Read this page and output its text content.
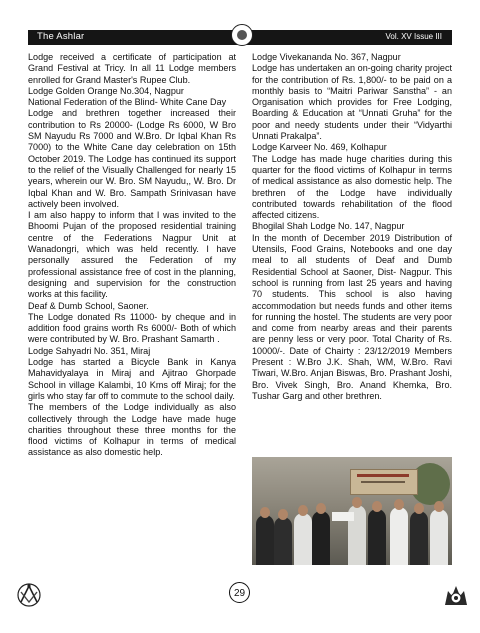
The Ashlar	Vol. XV Issue III

Lodge received a certificate of participation at Grand Festival at Tricy. In all 11 Lodge members enrolled for Grand Master's Rupee Club.

Lodge Golden Orange No.304, Nagpur

National Federation of the Blind- White Cane Day

Lodge and brethren together increased their contribution to Rs 20000- (Lodge Rs 6000, W Bro SM Nayudu Rs 7000 and W.Bro. Dr Iqbal Khan Rs 7000) to the White Cane day celebration on 15th October 2019. The Lodge has continued its support to the relief of the Visually Challenged for nearly 15 years, wherein our W. Bro. SM Nayudu,, W. Bro. Dr Iqbal Khan and W. Bro. Sampath Srinivasan have actively been involved.

I am also happy to inform that I was invited to the Bhoomi Pujan of the proposed residential training centre of the Federations Nagpur Unit at Wanadongri, which was held recently. I have personally assured the Federation of my professional assistance free of cost in the planning, designing and supervision for the construction works at this facility.

Deaf & Dumb School, Saoner.

The Lodge donated Rs 11000- by cheque and in addition food grains worth Rs 6000/- Both of which were contributed by W. Bro. Prashant Samarth .

Lodge Sahyadri No. 351, Miraj

Lodge has started a Bicycle Bank in Kanya Mahavidyalaya in Miraj and Ajitrao Ghorpade School in village Kalambi, 10 Kms off Miraj; for the girls who stay far off to commute to the school daily.

The members of the Lodge individually as also collectively through the Lodge have made huge charities throughout these three months for the flood victims of Kolhapur in terms of medical assistance as also domestic help.

Lodge Vivekananda No. 367, Nagpur

Lodge has undertaken an on-going charity project for the contribution of Rs. 1,800/- to be paid on a monthly basis to “Maitri Pariwar Sanstha” - an Organisation which provides for Free Lodging, Boarding & Education at “Unnati Gruha” for the poor and needy students under their “Vidyarthi Unnati Prakalpa”.

Lodge Karveer No. 469, Kolhapur

The Lodge has made huge charities during this quarter for the flood victims of Kolhapur in terms of medical assistance as also domestic help. The brethren of the Lodge have individually contributed towards rehabilitation of the flood affected citizens.

Bhogilal Shah Lodge No. 147, Nagpur

In the month of December 2019 Distribution of Utensils, Food Grains, Notebooks and one day meal to all students of Deaf and Dumb Residential School at Saoner, Dist- Nagpur. This school is running from last 25 years and having 70 students. This school is also having accommodation but needs funds and other items for running the hostel. The students are very poor and come from nearby areas and their parents are penny less or very poor. Total Charity of Rs. 10000/-. Date of Chairty : 23/12/2019 Members Present : W.Bro J.K. Shah, WM, W.Bro. Ravi Tiwari, W.Bro. Anjan Biswas, Bro. Prashant Joshi, Bro. Vivek Singh, Bro. Anand Khemka, Bro. Tushar Garg and other brethren.

29
